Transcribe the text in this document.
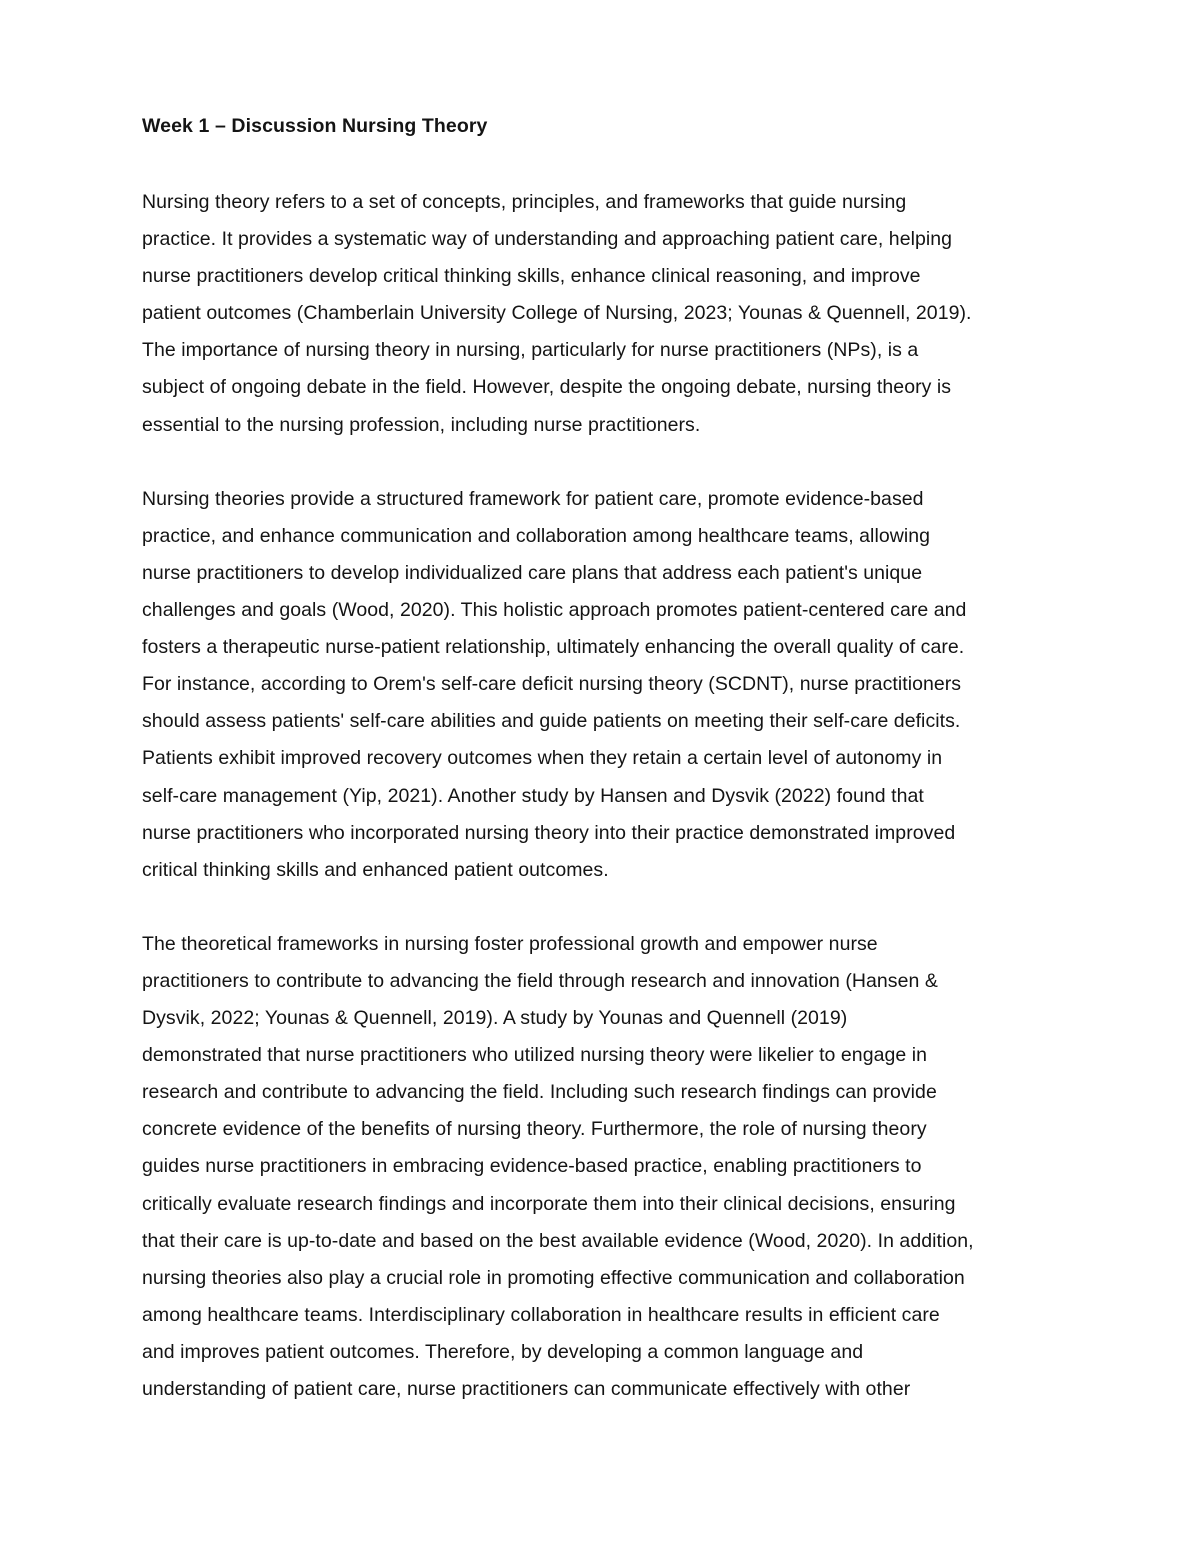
Week 1 – Discussion Nursing Theory
Nursing theory refers to a set of concepts, principles, and frameworks that guide nursing
practice. It provides a systematic way of understanding and approaching patient care, helping
nurse practitioners develop critical thinking skills, enhance clinical reasoning, and improve
patient outcomes (Chamberlain University College of Nursing, 2023; Younas & Quennell, 2019).
The importance of nursing theory in nursing, particularly for nurse practitioners (NPs), is a
subject of ongoing debate in the field. However, despite the ongoing debate, nursing theory is
essential to the nursing profession, including nurse practitioners.
Nursing theories provide a structured framework for patient care, promote evidence-based
practice, and enhance communication and collaboration among healthcare teams, allowing
nurse practitioners to develop individualized care plans that address each patient's unique
challenges and goals (Wood, 2020). This holistic approach promotes patient-centered care and
fosters a therapeutic nurse-patient relationship, ultimately enhancing the overall quality of care.
For instance, according to Orem's self-care deficit nursing theory (SCDNT), nurse practitioners
should assess patients' self-care abilities and guide patients on meeting their self-care deficits.
Patients exhibit improved recovery outcomes when they retain a certain level of autonomy in
self-care management (Yip, 2021). Another study by Hansen and Dysvik (2022) found that
nurse practitioners who incorporated nursing theory into their practice demonstrated improved
critical thinking skills and enhanced patient outcomes.
The theoretical frameworks in nursing foster professional growth and empower nurse
practitioners to contribute to advancing the field through research and innovation (Hansen &
Dysvik, 2022; Younas & Quennell, 2019). A study by Younas and Quennell (2019)
demonstrated that nurse practitioners who utilized nursing theory were likelier to engage in
research and contribute to advancing the field. Including such research findings can provide
concrete evidence of the benefits of nursing theory. Furthermore, the role of nursing theory
guides nurse practitioners in embracing evidence-based practice, enabling practitioners to
critically evaluate research findings and incorporate them into their clinical decisions, ensuring
that their care is up-to-date and based on the best available evidence (Wood, 2020). In addition,
nursing theories also play a crucial role in promoting effective communication and collaboration
among healthcare teams. Interdisciplinary collaboration in healthcare results in efficient care
and improves patient outcomes. Therefore, by developing a common language and
understanding of patient care, nurse practitioners can communicate effectively with other
